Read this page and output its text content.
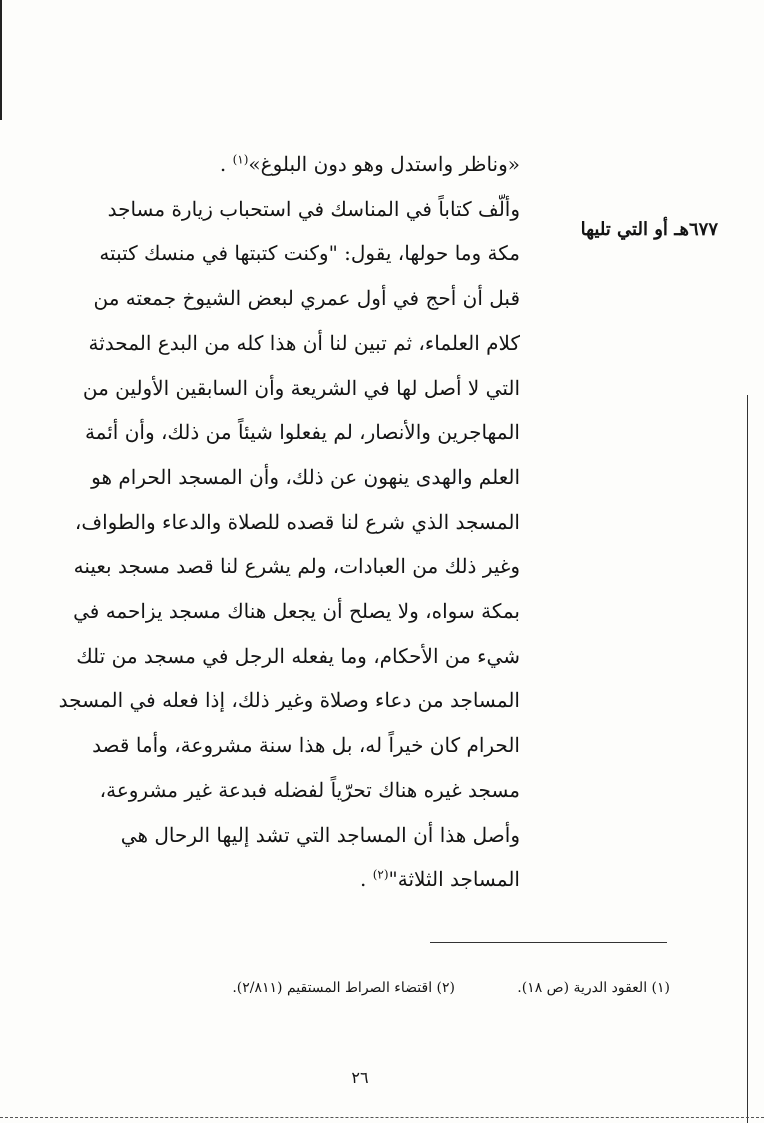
٦٧٧هـ أو التي تليها
«وناظر واستدل وهو دون البلوغ»$^{(١)}$ .
وألّف كتاباً في المناسك في استحباب زيارة مساجد
مكة وما حولها، يقول: "وكنت كتبتها في منسك كتبته
قبل أن أحج في أول عمري لبعض الشيوخ جمعته من
كلام العلماء، ثم تبين لنا أن هذا كله من البدع المحدثة
التي لا أصل لها في الشريعة وأن السابقين الأولين من
المهاجرين والأنصار، لم يفعلوا شيئاً من ذلك، وأن أئمة
العلم والهدى ينهون عن ذلك، وأن المسجد الحرام هو
المسجد الذي شرع لنا قصده للصلاة والدعاء والطواف،
وغير ذلك من العبادات، ولم يشرع لنا قصد مسجد بعينه
بمكة سواه، ولا يصلح أن يجعل هناك مسجد يزاحمه في
شيء من الأحكام، وما يفعله الرجل في مسجد من تلك
المساجد من دعاء وصلاة وغير ذلك، إذا فعله في المسجد
الحرام كان خيراً له، بل هذا سنة مشروعة، وأما قصد
مسجد غيره هناك تحرّياً لفضله فبدعة غير مشروعة،
وأصل هذا أن المساجد التي تشد إليها الرحال هي
المساجد الثلاثة"$^{(٢)}$ .
(١) العقود الدرية (ص ١٨).
(٢) اقتضاء الصراط المستقيم (٢/٨١١).
٢٦
